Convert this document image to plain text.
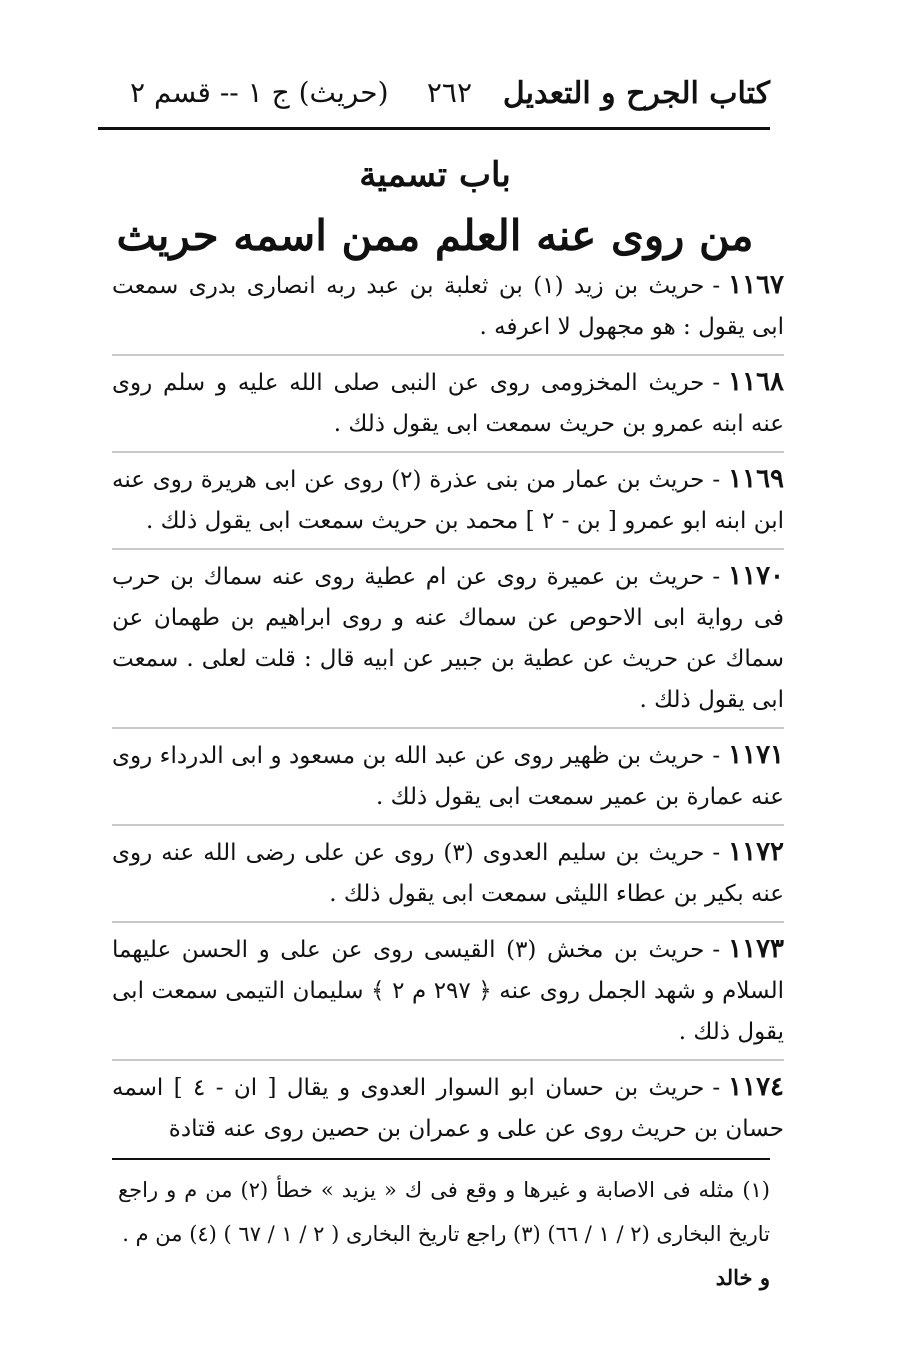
كتاب الجرح و التعديل
٢٦٢
(حريث) ج ١ -- قسم ٢
باب تسمية
من روى عنه العلم ممن اسمه حريث
١١٦٧-حريث بن زيد (١) بن ثعلبة بن عبد ربه انصارى بدرى سمعت ابى يقول : هو مجهول لا اعرفه .
١١٦٨-حريث المخزومى روى عن النبى صلى الله عليه و سلم روى عنه ابنه عمرو بن حريث سمعت ابى يقول ذلك .
١١٦٩-حريث بن عمار من بنى عذرة (٢) روى عن ابى هريرة روى عنه ابن ابنه ابو عمرو [ بن - ٢ ] محمد بن حريث سمعت ابى يقول ذلك .
١١٧٠-حريث بن عميرة روى عن ام عطية روى عنه سماك بن حرب فى رواية ابى الاحوص عن سماك عنه و روى ابراهيم بن طهمان عن سماك عن حريث عن عطية بن جبير عن ابيه قال : قلت لعلى . سمعت ابى يقول ذلك .
١١٧١-حريث بن ظهير روى عن عبد الله بن مسعود و ابى الدرداء روى عنه عمارة بن عمير سمعت ابى يقول ذلك .
١١٧٢-حريث بن سليم العدوى (٣) روى عن على رضى الله عنه روى عنه بكير بن عطاء الليثى سمعت ابى يقول ذلك .
١١٧٣-حريث بن مخش (٣) القيسى روى عن على و الحسن عليهما السلام و شهد الجمل روى عنه ﴿ ٢٩٧ م ٢ ﴾ سليمان التيمى سمعت ابى يقول ذلك .
١١٧٤-حريث بن حسان ابو السوار العدوى و يقال [ ان - ٤ ] اسمه حسان بن حريث روى عن على و عمران بن حصين روى عنه قتادة
(١) مثله فى الاصابة و غيرها و وقع فى ك « يزيد » خطأ (٢) من م و راجع تاريخ البخارى (٢ / ١ / ٦٦) (٣) راجع تاريخ البخارى ( ٢ / ١ / ٦٧ ) (٤) من م .
و خالد
